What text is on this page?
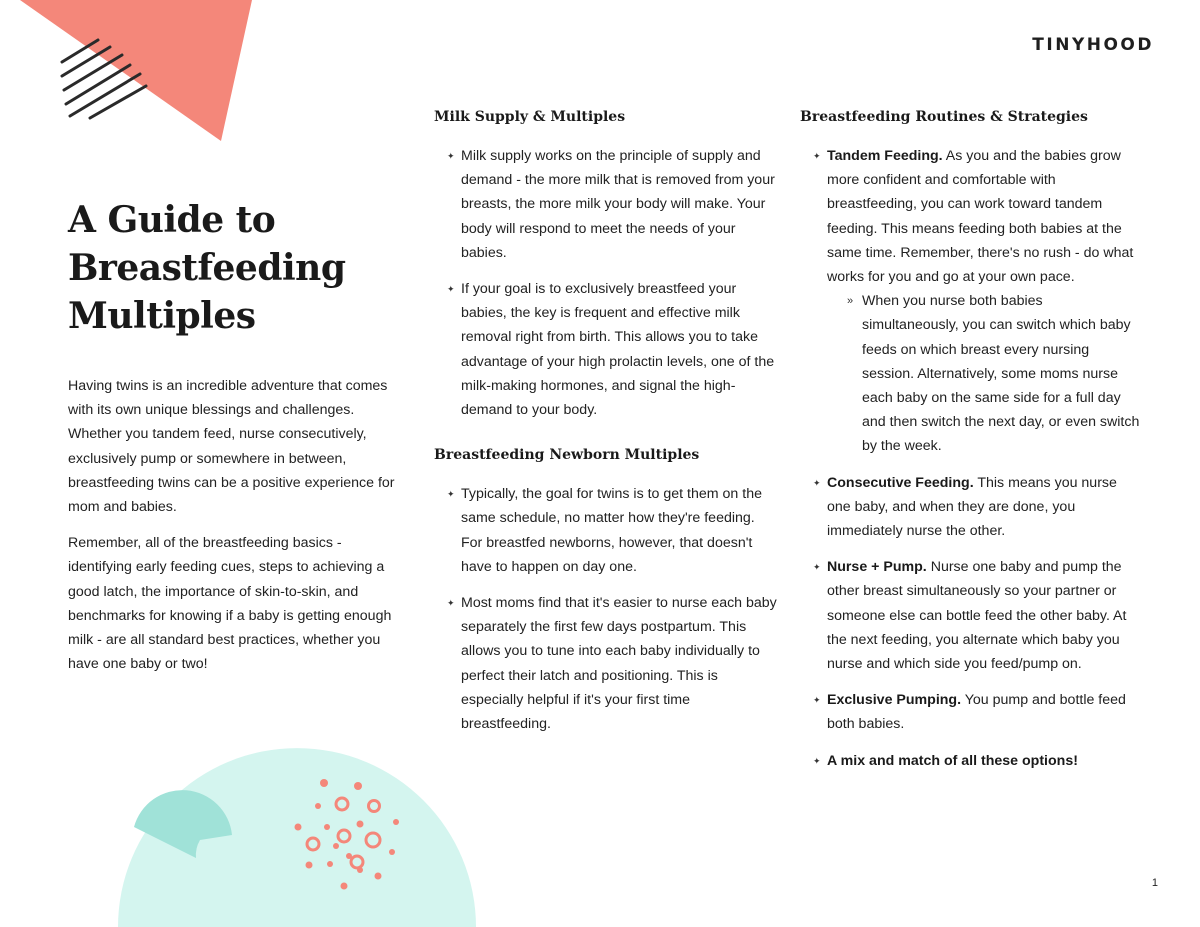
TINYHOOD
A Guide to
Breastfeeding
Multiples

Having twins is an incredible adventure that comes with its own unique blessings and challenges. Whether you tandem feed, nurse consecutively, exclusively pump or somewhere in between, breastfeeding twins can be a positive experience for mom and babies.

Remember, all of the breastfeeding basics - identifying early feeding cues, steps to achieving a good latch, the importance of skin-to-skin, and benchmarks for knowing if a baby is getting enough milk - are all standard best practices, whether you have one baby or two!

Milk Supply & Multiples
✦ Milk supply works on the principle of supply and demand - the more milk that is removed from your breasts, the more milk your body will make. Your body will respond to meet the needs of your babies.
✦ If your goal is to exclusively breastfeed your babies, the key is frequent and effective milk removal right from birth. This allows you to take advantage of your high prolactin levels, one of the milk-making hormones, and signal the high-demand to your body.
Breastfeeding Newborn Multiples
✦ Typically, the goal for twins is to get them on the same schedule, no matter how they're feeding. For breastfed newborns, however, that doesn't have to happen on day one.
✦ Most moms find that it's easier to nurse each baby separately the first few days postpartum. This allows you to tune into each baby individually to perfect their latch and positioning. This is especially helpful if it's your first time breastfeeding.
Breastfeeding Routines & Strategies
✦ Tandem Feeding. As you and the babies grow more confident and comfortable with breastfeeding, you can work toward tandem feeding. This means feeding both babies at the same time. Remember, there's no rush - do what works for you and go at your own pace.
» When you nurse both babies simultaneously, you can switch which baby feeds on which breast every nursing session. Alternatively, some moms nurse each baby on the same side for a full day and then switch the next day, or even switch by the week.
✦ Consecutive Feeding. This means you nurse one baby, and when they are done, you immediately nurse the other.
✦ Nurse + Pump. Nurse one baby and pump the other breast simultaneously so your partner or someone else can bottle feed the other baby. At the next feeding, you alternate which baby you nurse and which side you feed/pump on.
✦ Exclusive Pumping. You pump and bottle feed both babies.
✦ A mix and match of all these options!
1
